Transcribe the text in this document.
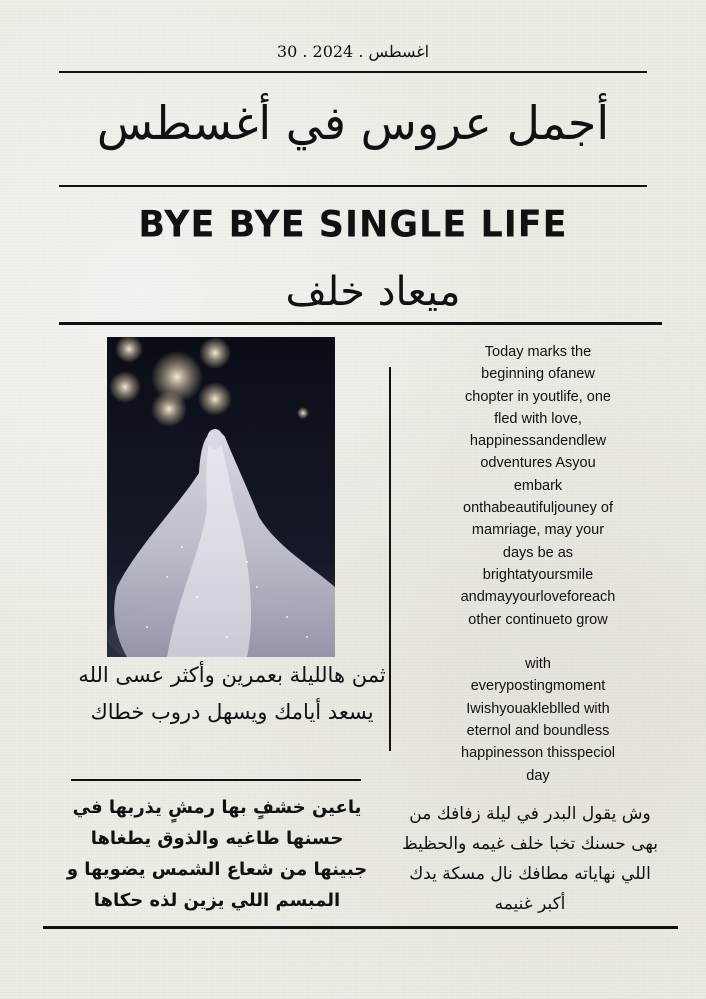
30 . اغسطس . 2024
أجمل عروس في أغسطس
BYE BYE SINGLE LIFE
ميعاد خلف
ثمن هالليلة بعمرين وأكثر عسى الله يسعد أيامك ويسهل دروب خطاك
ياعين خشفٍ بها رمشٍ يذربها في حسنها طاغيه والذوق يطغاها جبينها من شعاع الشمس يضويها و المبسم اللي يزين لذه حكاها
Today marks the
beginning ofanew
chopter in youtlife, one
fled with love,
happinessandendlew
odventures Asyou
embark
onthabeautifuljouney of
mamriage, may your
days be as
brightatyoursmile
andmayyourloveforeach
other continueto grow

with
everypostingmoment
Iwishyouakleblled with
eternol and boundless
happinesson thisspeciol
day
وش يقول البدر في ليلة زفافك من بهى حسنك تخبا خلف غيمه والحظيظ اللي نهاياته مطافك نال مسكة يدك أكبر غنيمه
